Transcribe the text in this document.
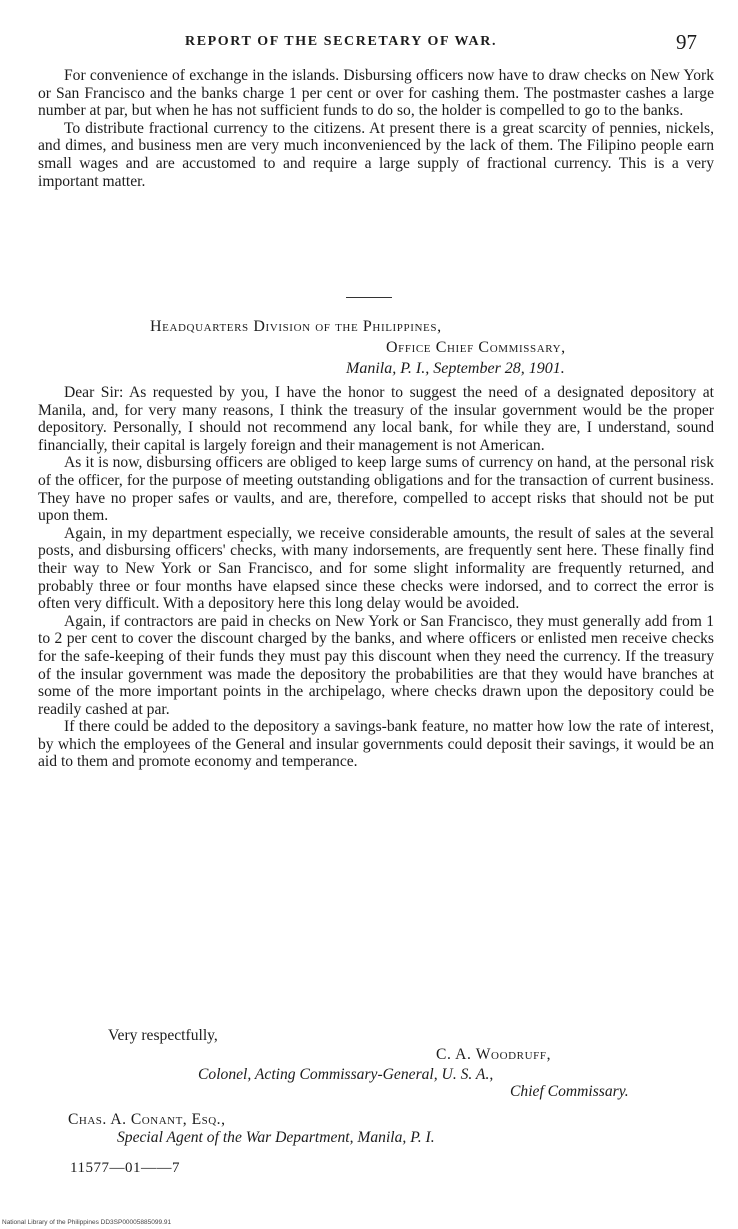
REPORT OF THE SECRETARY OF WAR.	97

For convenience of exchange in the islands. Disbursing officers now have to draw checks on New York or San Francisco and the banks charge 1 per cent or over for cashing them. The postmaster cashes a large number at par, but when he has not sufficient funds to do so, the holder is compelled to go to the banks.

To distribute fractional currency to the citizens. At present there is a great scarcity of pennies, nickels, and dimes, and business men are very much inconvenienced by the lack of them. The Filipino people earn small wages and are accustomed to and require a large supply of fractional currency. This is a very important matter.

Headquarters Division of the Philippines,
Office Chief Commissary,
Manila, P. I., September 28, 1901.

Dear Sir: As requested by you, I have the honor to suggest the need of a designated depository at Manila, and, for very many reasons, I think the treasury of the insular government would be the proper depository. Personally, I should not recommend any local bank, for while they are, I understand, sound financially, their capital is largely foreign and their management is not American.

As it is now, disbursing officers are obliged to keep large sums of currency on hand, at the personal risk of the officer, for the purpose of meeting outstanding obligations and for the transaction of current business. They have no proper safes or vaults, and are, therefore, compelled to accept risks that should not be put upon them.

Again, in my department especially, we receive considerable amounts, the result of sales at the several posts, and disbursing officers' checks, with many indorsements, are frequently sent here. These finally find their way to New York or San Francisco, and for some slight informality are frequently returned, and probably three or four months have elapsed since these checks were indorsed, and to correct the error is often very difficult. With a depository here this long delay would be avoided.

Again, if contractors are paid in checks on New York or San Francisco, they must generally add from 1 to 2 per cent to cover the discount charged by the banks, and where officers or enlisted men receive checks for the safe-keeping of their funds they must pay this discount when they need the currency. If the treasury of the insular government was made the depository the probabilities are that they would have branches at some of the more important points in the archipelago, where checks drawn upon the depository could be readily cashed at par.

If there could be added to the depository a savings-bank feature, no matter how low the rate of interest, by which the employees of the General and insular governments could deposit their savings, it would be an aid to them and promote economy and temperance.

Very respectfully,
C. A. Woodruff,
Colonel, Acting Commissary-General, U. S. A.,
Chief Commissary.
Chas. A. Conant, Esq.,
Special Agent of the War Department, Manila, P. I.
11577—01——7
National Library of the Philippines DD3SP00005885099.91
